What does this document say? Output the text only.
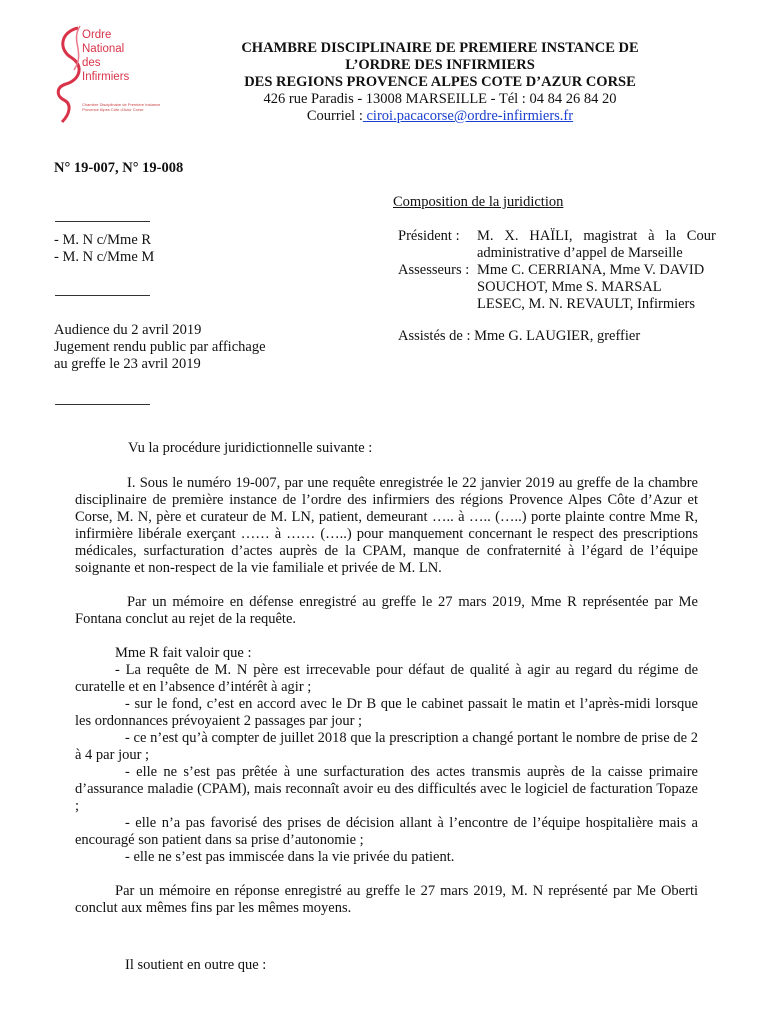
Ordre
National
des
Infirmiers
Chambre Disciplinaire de Première Instance Provence Alpes Côte d'Azur Corse
CHAMBRE DISCIPLINAIRE DE PREMIERE INSTANCE DE
L’ORDRE DES INFIRMIERS
DES REGIONS PROVENCE ALPES COTE D’AZUR CORSE
426 rue Paradis - 13008 MARSEILLE - Tél : 04 84 26 84 20
Courriel : ciroi.pacacorse@ordre-infirmiers.fr
N° 19-007, N° 19-008
- M. N c/Mme R
- M. N c/Mme M
Audience du 2 avril 2019
Jugement rendu public par affichage
au greffe le 23 avril 2019
Composition de la juridiction
Président : M.   X.   HAÏLI,   magistrat   à   la   Cour
administrative d’appel de Marseille
Assesseurs : Mme C. CERRIANA, Mme V. DAVID
SOUCHOT, Mme S. MARSAL
LESEC, M. N. REVAULT, Infirmiers
Assistés de : Mme G. LAUGIER, greffier
Vu la procédure juridictionnelle suivante :

I. Sous le numéro 19-007, par une requête enregistrée le 22 janvier 2019 au greffe de la chambre disciplinaire de première instance de l’ordre des infirmiers des régions Provence Alpes Côte d’Azur et Corse, M. N, père et curateur de M. LN, patient, demeurant ….. à ….. (…..) porte plainte contre Mme R, infirmière libérale exerçant …… à …… (…..) pour manquement concernant le respect des prescriptions médicales, surfacturation d’actes auprès de la CPAM, manque de confraternité à l’égard de l’équipe soignante et non-respect de la vie familiale et privée de M. LN.

Par un mémoire en défense enregistré au greffe le 27 mars 2019, Mme R représentée par Me Fontana conclut au rejet de la requête.

Mme R fait valoir que :

- La requête de M. N père est irrecevable pour défaut de qualité à agir au regard du régime de curatelle et en l’absence d’intérêt à agir ;

- sur le fond, c’est en accord avec le Dr B que le cabinet passait le matin et l’après-midi lorsque les ordonnances prévoyaient 2 passages par jour ;

- ce n’est qu’à compter de juillet 2018 que la prescription a changé portant le nombre de prise de 2 à 4 par jour ;

- elle ne s’est pas prêtée à une surfacturation des actes transmis auprès de la caisse primaire d’assurance maladie (CPAM), mais reconnaît avoir eu des difficultés avec le logiciel de facturation Topaze ;

- elle n’a pas favorisé des prises de décision allant à l’encontre de l’équipe hospitalière mais a encouragé son patient dans sa prise d’autonomie ;

- elle ne s’est pas immiscée dans la vie privée du patient.

Par un mémoire en réponse enregistré au greffe le 27 mars 2019, M. N représenté par Me Oberti conclut aux mêmes fins par les mêmes moyens.

Il soutient en outre que :
